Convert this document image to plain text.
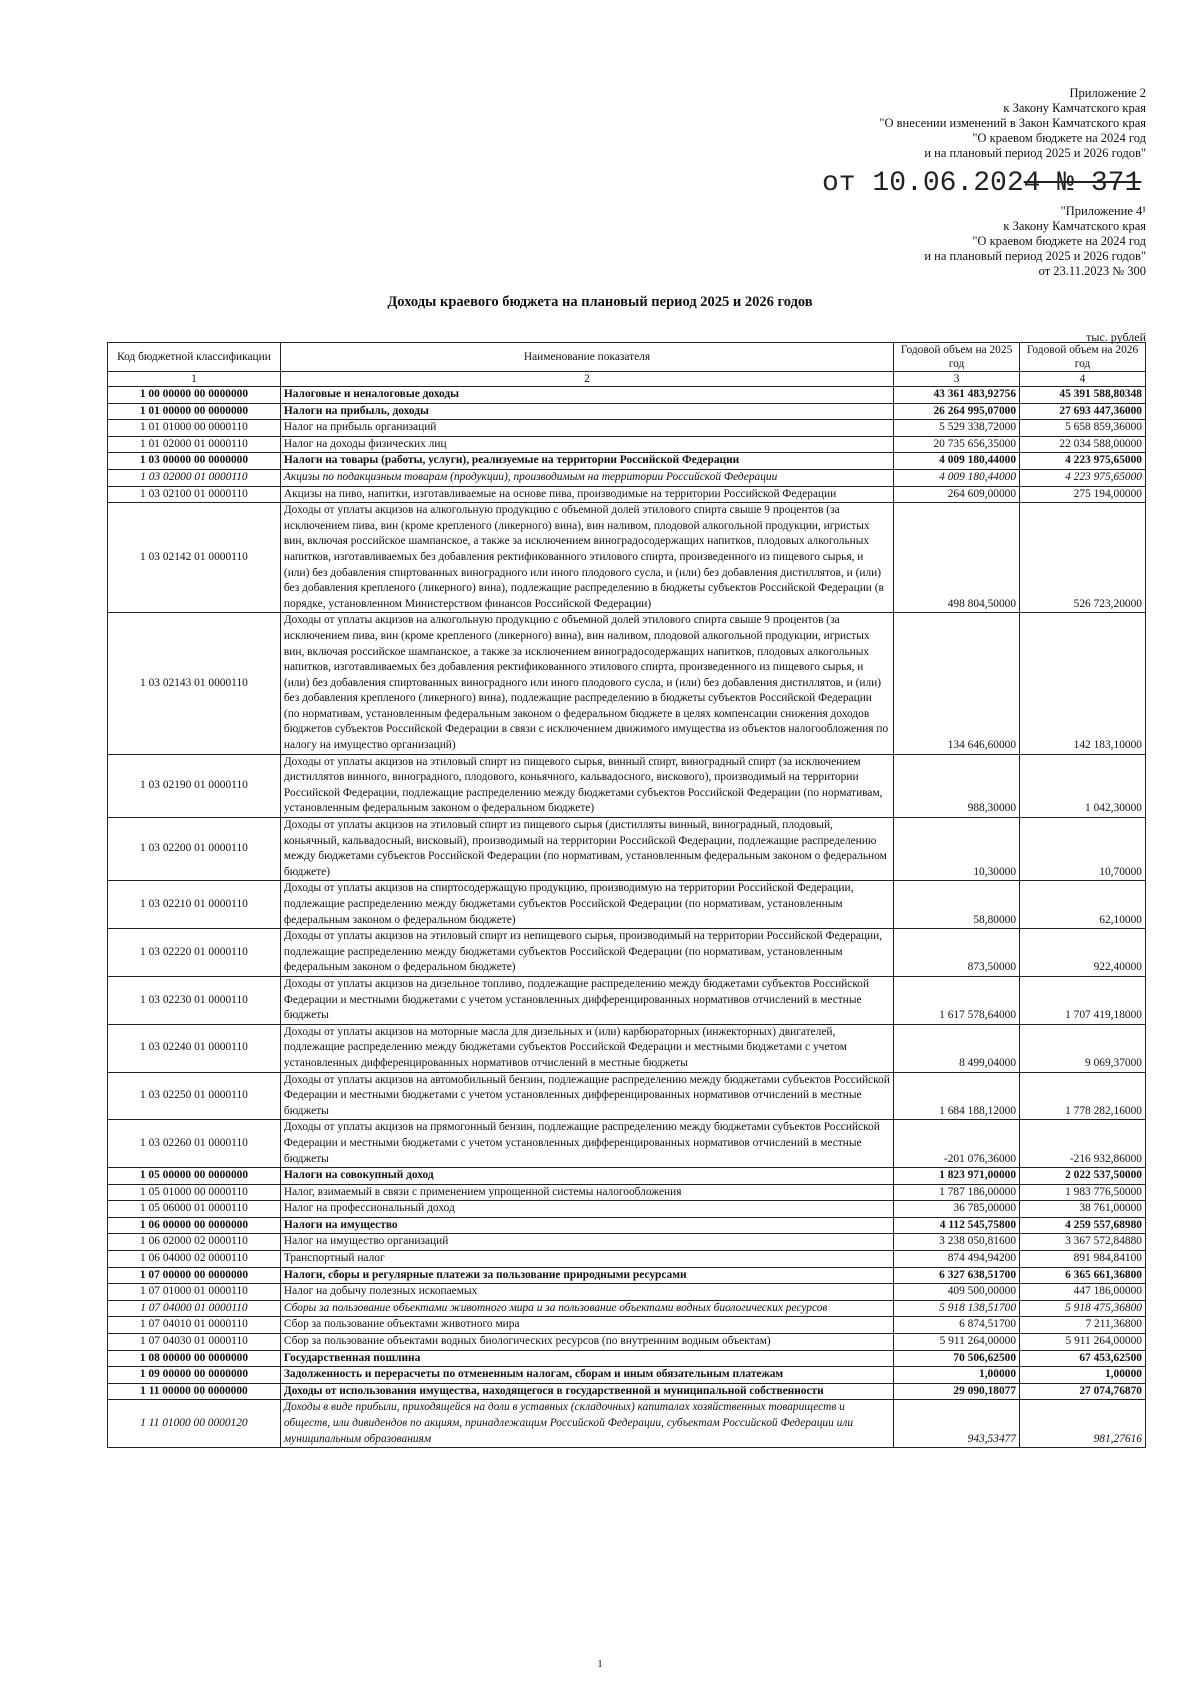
Приложение 2
к Закону Камчатского края
"О внесении изменений в Закон Камчатского края
"О краевом бюджете на 2024 год
и на плановый период 2025 и 2026 годов"
от 10.06.2024 № 371
"Приложение 4¹
к Закону Камчатского края
"О краевом бюджете на 2024 год
и на плановый период 2025 и 2026 годов"
от 23.11.2023 № 300
Доходы краевого бюджета на плановый период 2025 и 2026 годов
тыс. рублей
Код бюджетной классификации	Наименование показателя	Годовой объем на 2025 год	Годовой объем на 2026 год
1	2	3	4
1 00 00000 00 0000000	Налоговые и неналоговые доходы	43 361 483,92756	45 391 588,80348
1 01 00000 00 0000000	Налоги на прибыль, доходы	26 264 995,07000	27 693 447,36000
1 01 01000 00 0000110	Налог на прибыль организаций	5 529 338,72000	5 658 859,36000
1 01 02000 01 0000110	Налог на доходы физических лиц	20 735 656,35000	22 034 588,00000
1 03 00000 00 0000000	Налоги на товары (работы, услуги), реализуемые на территории Российской Федерации	4 009 180,44000	4 223 975,65000
1 03 02000 01 0000110	Акцизы по подакцизным товарам (продукции), производимым на территории Российской Федерации	4 009 180,44000	4 223 975,65000
1 03 02100 01 0000110	Акцизы на пиво, напитки, изготавливаемые на основе пива, производимые на территории Российской Федерации	264 609,00000	275 194,00000
1 03 02142 01 0000110	Доходы от уплаты акцизов на алкогольную продукцию с объемной долей этилового спирта свыше 9 процентов (за исключением пива, вин (кроме крепленого (ликерного) вина), вин наливом, плодовой алкогольной продукции, игристых вин, включая российское шампанское, а также за исключением виноградосодержащих напитков, плодовых алкогольных напитков, изготавливаемых без добавления ректификованного этилового спирта, произведенного из пищевого сырья, и (или) без добавления спиртованных виноградного или иного плодового сусла, и (или) без добавления дистиллятов, и (или) без добавления крепленого (ликерного) вина), подлежащие распределению в бюджеты субъектов Российской Федерации (в порядке, установленном Министерством финансов Российской Федерации)	498 804,50000	526 723,20000
1 03 02143 01 0000110	Доходы от уплаты акцизов на алкогольную продукцию с объемной долей этилового спирта свыше 9 процентов (за исключением пива, вин (кроме крепленого (ликерного) вина), вин наливом, плодовой алкогольной продукции, игристых вин, включая российское шампанское, а также за исключением виноградосодержащих напитков, плодовых алкогольных напитков, изготавливаемых без добавления ректификованного этилового спирта, произведенного из пищевого сырья, и (или) без добавления спиртованных виноградного или иного плодового сусла, и (или) без добавления дистиллятов, и (или) без добавления крепленого (ликерного) вина), подлежащие распределению в бюджеты субъектов Российской Федерации (по нормативам, установленным федеральным законом о федеральном бюджете в целях компенсации снижения доходов бюджетов субъектов Российской Федерации в связи с исключением движимого имущества из объектов налогообложения по налогу на имущество организаций)	134 646,60000	142 183,10000
1 03 02190 01 0000110	Доходы от уплаты акцизов на этиловый спирт из пищевого сырья, винный спирт, виноградный спирт (за исключением дистиллятов винного, виноградного, плодового, коньячного, кальвадосного, вискового), производимый на территории Российской Федерации, подлежащие распределению между бюджетами субъектов Российской Федерации (по нормативам, установленным федеральным законом о федеральном бюджете)	988,30000	1 042,30000
1 03 02200 01 0000110	Доходы от уплаты акцизов на этиловый спирт из пищевого сырья (дистилляты винный, виноградный, плодовый, коньячный, кальвадосный, висковый), производимый на территории Российской Федерации, подлежащие распределению между бюджетами субъектов Российской Федерации (по нормативам, установленным федеральным законом о федеральном бюджете)	10,30000	10,70000
1 03 02210 01 0000110	Доходы от уплаты акцизов на спиртосодержащую продукцию, производимую на территории Российской Федерации, подлежащие распределению между бюджетами субъектов Российской Федерации (по нормативам, установленным федеральным законом о федеральном бюджете)	58,80000	62,10000
1 03 02220 01 0000110	Доходы от уплаты акцизов на этиловый спирт из непищевого сырья, производимый на территории Российской Федерации, подлежащие распределению между бюджетами субъектов Российской Федерации (по нормативам, установленным федеральным законом о федеральном бюджете)	873,50000	922,40000
1 03 02230 01 0000110	Доходы от уплаты акцизов на дизельное топливо, подлежащие распределению между бюджетами субъектов Российской Федерации и местными бюджетами с учетом установленных дифференцированных нормативов отчислений в местные бюджеты	1 617 578,64000	1 707 419,18000
1 03 02240 01 0000110	Доходы от уплаты акцизов на моторные масла для дизельных и (или) карбюраторных (инжекторных) двигателей, подлежащие распределению между бюджетами субъектов Российской Федерации и местными бюджетами с учетом установленных дифференцированных нормативов отчислений в местные бюджеты	8 499,04000	9 069,37000
1 03 02250 01 0000110	Доходы от уплаты акцизов на автомобильный бензин, подлежащие распределению между бюджетами субъектов Российской Федерации и местными бюджетами с учетом установленных дифференцированных нормативов отчислений в местные бюджеты	1 684 188,12000	1 778 282,16000
1 03 02260 01 0000110	Доходы от уплаты акцизов на прямогонный бензин, подлежащие распределению между бюджетами субъектов Российской Федерации и местными бюджетами с учетом установленных дифференцированных нормативов отчислений в местные бюджеты	-201 076,36000	-216 932,86000
1 05 00000 00 0000000	Налоги на совокупный доход	1 823 971,00000	2 022 537,50000
1 05 01000 00 0000110	Налог, взимаемый в связи с применением упрощенной системы налогообложения	1 787 186,00000	1 983 776,50000
1 05 06000 01 0000110	Налог на профессиональный доход	36 785,00000	38 761,00000
1 06 00000 00 0000000	Налоги на имущество	4 112 545,75800	4 259 557,68980
1 06 02000 02 0000110	Налог на имущество организаций	3 238 050,81600	3 367 572,84880
1 06 04000 02 0000110	Транспортный налог	874 494,94200	891 984,84100
1 07 00000 00 0000000	Налоги, сборы и регулярные платежи за пользование природными ресурсами	6 327 638,51700	6 365 661,36800
1 07 01000 01 0000110	Налог на добычу полезных ископаемых	409 500,00000	447 186,00000
1 07 04000 01 0000110	Сборы за пользование объектами животного мира и за пользование объектами водных биологических ресурсов	5 918 138,51700	5 918 475,36800
1 07 04010 01 0000110	Сбор за пользование объектами животного мира	6 874,51700	7 211,36800
1 07 04030 01 0000110	Сбор за пользование объектами водных биологических ресурсов (по внутренним водным объектам)	5 911 264,00000	5 911 264,00000
1 08 00000 00 0000000	Государственная пошлина	70 506,62500	67 453,62500
1 09 00000 00 0000000	Задолженность и перерасчеты по отмененным налогам, сборам и иным обязательным платежам	1,00000	1,00000
1 11 00000 00 0000000	Доходы от использования имущества, находящегося в государственной и муниципальной собственности	29 090,18077	27 074,76870
1 11 01000 00 0000120	Доходы в виде прибыли, приходящейся на доли в уставных (складочных) капиталах хозяйственных товариществ и обществ, или дивидендов по акциям, принадлежащим Российской Федерации, субъектам Российской Федерации или муниципальным образованиям	943,53477	981,27616
1
